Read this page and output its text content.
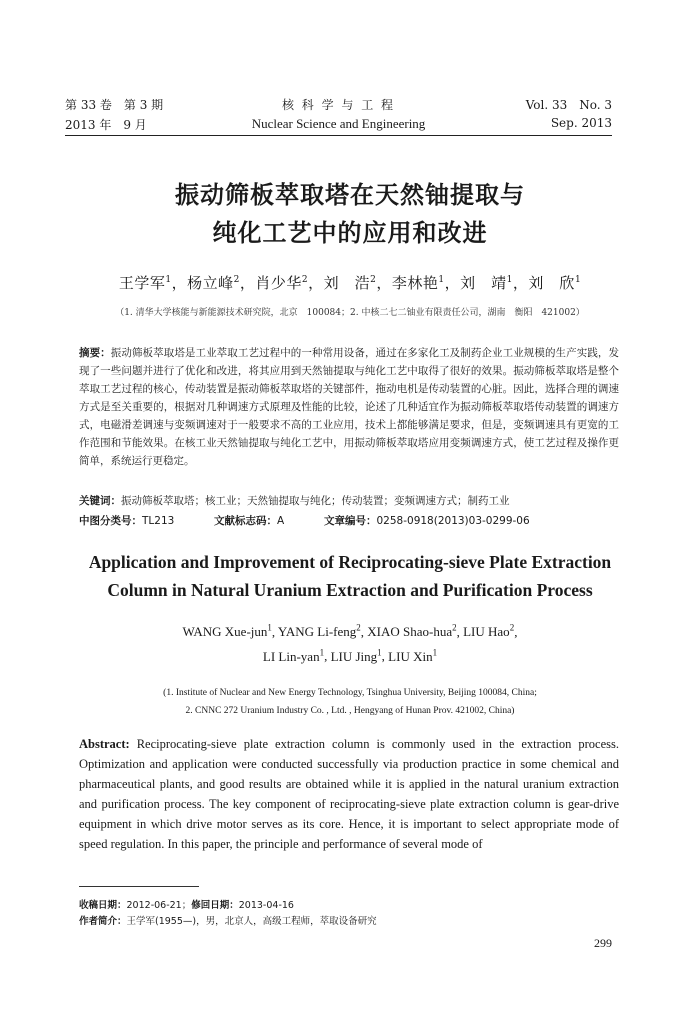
第 33 卷　第 3 期	Vol. 33　No. 3
核 科 学 与 工 程
2013 年　9 月	Sep. 2013
Nuclear Science and Engineering
振动筛板萃取塔在天然铀提取与
纯化工艺中的应用和改进
王学军$^1$，杨立峰$^2$，肖少华$^2$，刘　浩$^2$，李林艳$^1$，刘　靖$^1$，刘　欣$^1$
（1. 清华大学核能与新能源技术研究院，北京　100084；2. 中核二七二铀业有限责任公司，湖南　衡阳　421002）
摘要：振动筛板萃取塔是工业萃取工艺过程中的一种常用设备，通过在多家化工及制药企业工业规模的生产实践，发现了一些问题并进行了优化和改进，将其应用到天然铀提取与纯化工艺中取得了很好的效果。振动筛板萃取塔是整个萃取工艺过程的核心，传动装置是振动筛板萃取塔的关键部件，拖动电机是传动装置的心脏。因此，选择合理的调速方式是至关重要的，根据对几种调速方式原理及性能的比较，论述了几种适宜作为振动筛板萃取塔传动装置的调速方式，电磁滑差调速与变频调速对于一般要求不高的工业应用，技术上都能够满足要求，但是，变频调速具有更宽的工作范围和节能效果。在核工业天然铀提取与纯化工艺中，用振动筛板萃取塔应用变频调速方式，使工艺过程及操作更简单，系统运行更稳定。
关键词：振动筛板萃取塔；核工业；天然铀提取与纯化；传动装置；变频调速方式；制药工业
中图分类号：TL213	文献标志码：A	文章编号：0258-0918(2013)03-0299-06
Application and Improvement of Reciprocating-sieve Plate Extraction
Column in Natural Uranium Extraction and Purification Process
WANG Xue-jun$^1$, YANG Li-feng$^2$, XIAO Shao-hua$^2$, LIU Hao$^2$,
LI Lin-yan$^1$, LIU Jing$^1$, LIU Xin$^1$
(1. Institute of Nuclear and New Energy Technology, Tsinghua University, Beijing 100084, China;
2. CNNC 272 Uranium Industry Co. , Ltd. , Hengyang of Hunan Prov. 421002, China)
Abstract: Reciprocating-sieve plate extraction column is commonly used in the extraction process. Optimization and application were conducted successfully via production practice in some chemical and pharmaceutical plants, and good results are obtained while it is applied in the natural uranium extraction and purification process. The key component of reciprocating-sieve plate extraction column is gear-drive equipment in which drive motor serves as its core. Hence, it is important to select appropriate mode of speed regulation. In this paper, the principle and performance of several mode of
收稿日期：2012-06-21；修回日期：2013-04-16
作者简介：王学军(1955—)，男，北京人，高级工程师，萃取设备研究
299
